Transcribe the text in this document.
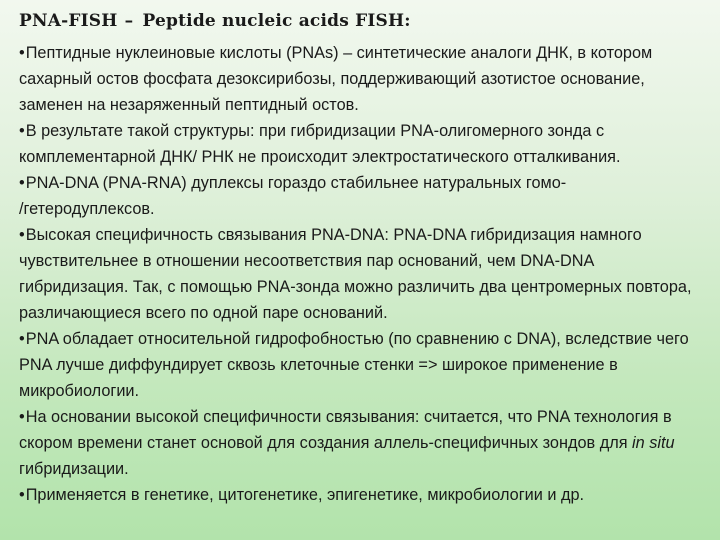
PNA-FISH – Peptide nucleic acids FISH:

•Пептидные нуклеиновые кислоты (PNAs) – синтетические аналоги ДНК, в котором сахарный остов фосфата дезоксирибозы, поддерживающий азотистое основание, заменен на незаряженный пептидный остов.

•В результате такой структуры: при гибридизации PNA-олигомерного зонда с комплементарной ДНК/ РНК не происходит электростатического отталкивания.

•PNA-DNA (PNA-RNA) дуплексы гораздо стабильнее натуральных гомо-
/гетеродуплексов.

•Высокая специфичность связывания PNA-DNA: PNA-DNA гибридизация намного чувствительнее в отношении несоответствия пар оснований, чем DNA-DNA гибридизация. Так, с помощью PNA-зонда можно различить два центромерных повтора, различающиеся всего по одной паре оснований.

•PNA обладает относительной гидрофобностью (по сравнению с DNA), вследствие чего PNA лучше диффундирует сквозь клеточные стенки => широкое применение в микробиологии.

•На основании высокой специфичности связывания: считается, что PNA технология в скором времени станет основой для создания аллель-специфичных зондов для in situ гибридизации.

•Применяется в генетике, цитогенетике, эпигенетике, микробиологии и др.
